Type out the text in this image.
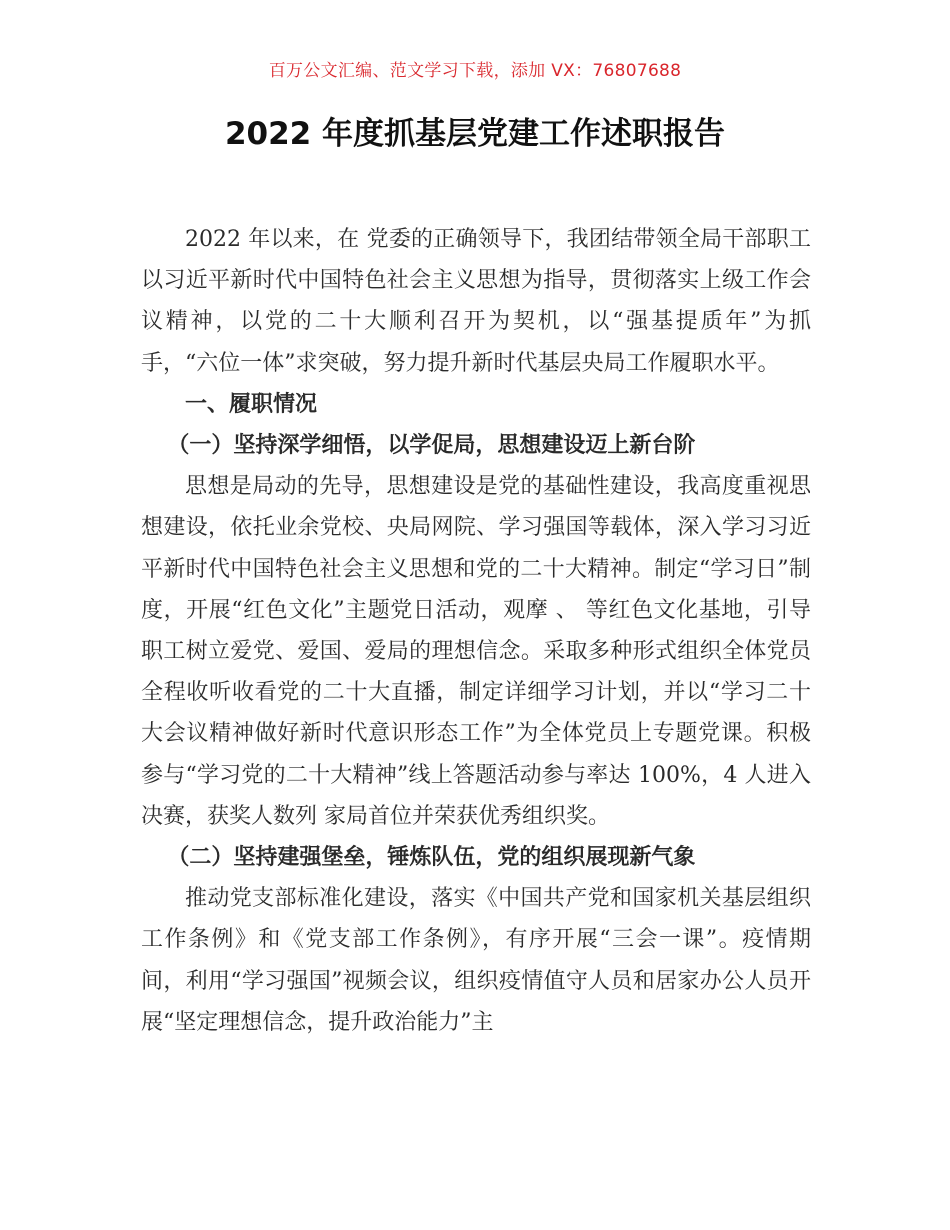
百万公文汇编、范文学习下载，添加 VX：76807688
2022 年度抓基层党建工作述职报告

2022 年以来，在 党委的正确领导下，我团结带领全局干部职工以习近平新时代中国特色社会主义思想为指导，贯彻落实上级工作会议精神，以党的二十大顺利召开为契机，以“强基提质年”为抓手，“六位一体”求突破，努力提升新时代基层央局工作履职水平。

一、履职情况
（一）坚持深学细悟，以学促局，思想建设迈上新台阶

思想是局动的先导，思想建设是党的基础性建设，我高度重视思想建设，依托业余党校、央局网院、学习强国等载体，深入学习习近平新时代中国特色社会主义思想和党的二十大精神。制定“学习日”制度，开展“红色文化”主题党日活动，观摩 、 等红色文化基地，引导职工树立爱党、爱国、爱局的理想信念。采取多种形式组织全体党员全程收听收看党的二十大直播，制定详细学习计划，并以“学习二十大会议精神做好新时代意识形态工作”为全体党员上专题党课。积极参与“学习党的二十大精神”线上答题活动参与率达 100%，4 人进入决赛，获奖人数列 家局首位并荣获优秀组织奖。

（二）坚持建强堡垒，锤炼队伍，党的组织展现新气象

推动党支部标准化建设，落实《中国共产党和国家机关基层组织工作条例》和《党支部工作条例》，有序开展“三会一课”。疫情期间，利用“学习强国”视频会议，组织疫情值守人员和居家办公人员开展“坚定理想信念，提升政治能力”主
